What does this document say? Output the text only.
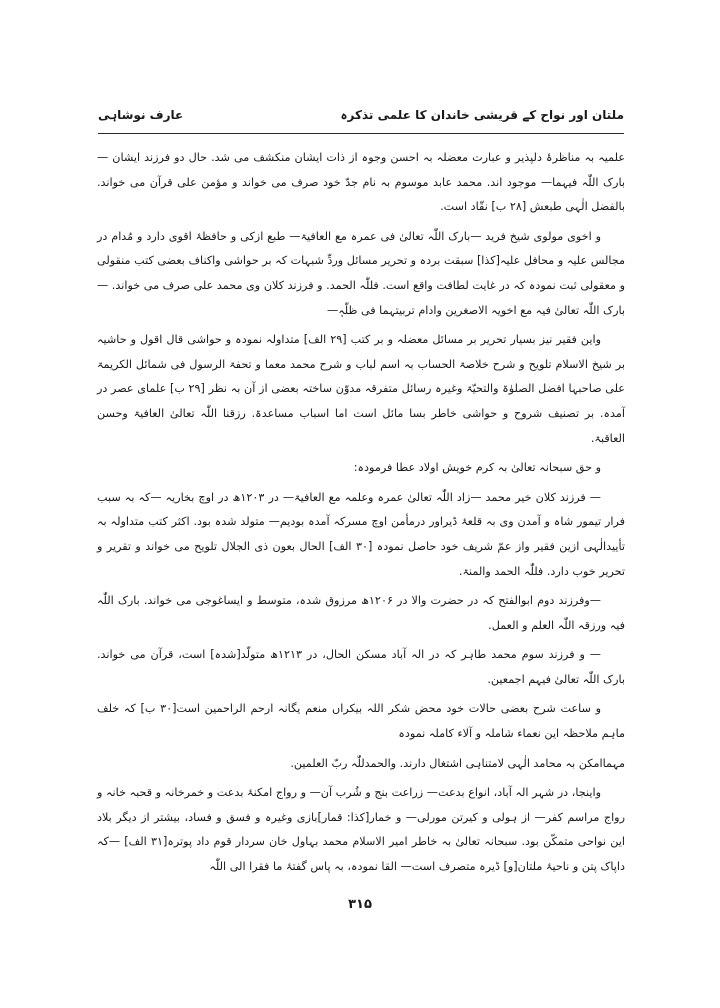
ملتان اور نواح کے قریشی خاندان کا علمی تذکرہ
عارف نوشاہی

علمیہ بہ مناظرۂ دلپذیر و عبارت معضلہ بہ احسن وجوہ از ذات ایشان منکشف می شد. حال دو فرزند ایشان —بارک اللّٰہ فیہما— موجود اند. محمد عابد موسوم بہ نام جدّ خود صرف می خواند و مؤمن علی قرآن می خواند. بالفضل الٰہی طبعش [۲۸ ب] نقّاد است.

و اخوی مولوی شیخ فرید —بارک اللّٰہ تعالیٰ فی عمرہ مع العافیۃ— طبع ازکی و حافظۂ اقوی دارد و مُدام در مجالس علیہ و محافل علیہ[کذا] سبقت بردہ و تحریر مسائل وردِّ شبہات کہ بر حواشی واکناف بعضی کتب منقولی و معقولی ثبت نمودہ کہ در غایت لطافت واقع است. فللّٰہ الحمد. و فرزند کلان وی محمد علی صرف می خواند. —بارک اللّٰہ تعالیٰ فیہ مع اخویہ الاصغرین وادام تربیتہما فی ظلّہٖ—

واین فقیر نیز بسیار تحریر بر مسائل معضلہ و بر کتب [۲۹ الف] متداولہ نمودہ و حواشی قال اقول و حاشیہ بر شیخ الاسلام تلویح و شرح خلاصۃ الحساب بہ اسم لباب و شرح محمد معما و تحفۃ الرسول فی شمائل الکریمۃ علی صاحبہا افضل الصلوٰۃ والتحیّۃ وغیرہ رسائل متفرقہ مدوّن ساختہ بعضی از آن بہ نظر [۲۹ ب] علمای عصر در آمدہ. بر تصنیف شروح و حواشی خاطر بسا مائل است اما اسباب مساعدۃ. رزقنا اللّٰہ تعالیٰ العافیۃ وحسن العاقبۃ.

و حق سبحانہ تعالیٰ بہ کرم خویش اولاد عطا فرمودہ:

— فرزند کلان خیر محمد —زاد اللّٰہ تعالیٰ عمرہ وعلمہ مع العافیۃ— در ۱۲۰۳ھ در اوچ بخاریہ —کہ بہ سبب فرار تیمور شاہ و آمدن وی بہ قلعۂ ڈیراور درمأمن اوچ مسرکہ آمدہ بودیم— متولد شدہ بود. اکثر کتب متداولہ بہ تأییدالٰہی ازین فقیر واز عمّ شریف خود حاصل نمودہ [۳۰ الف] الحال بعون ذی الجلال تلویح می خواند و تقریر و تحریر خوب دارد. فللّٰہ الحمد والمنۃ.

—وفرزند دوم ابوالفتح کہ در حضرت والا در ۱۲۰۶ھ مرزوق شدہ، متوسط و ایساغوجی می خواند. بارک اللّٰہ فیہ ورزقہ اللّٰہ العلم و العمل.

— و فرزند سوم محمد طاہر کہ در الہ آباد مسکن الحال، در ۱۲۱۳ھ متولّد[شدہ] است، قرآن می خواند. بارک اللّٰہ تعالیٰ فیہم اجمعین.

و ساعت شرح بعضی حالات خود محض شکر اللہ بیکراں منعم یگانہ ارحم الراحمین است[۳۰ ب] کہ خلف ماہم ملاحظہ این نعماء شاملہ و آلاء کاملہ نمودہ

مہماامکن بہ محامد الٰہی لامتناہی اشتغال دارند. والحمدللّٰہ ربّ العلمین.

واینجا، در شہر الہ آباد، انواع بدعت— زراعت بنج و شُرب آن— و رواج امکنۂ بدعت و خمرخانہ و قحبہ خانہ و رواج مراسم کفر— از ہولی و کیرتن مورلی— و خمار[کذا: قمار]بازی وغیرہ و فسق و فساد، بیشتر از دیگر بلاد این نواحی متمکّن بود. سبحانہ تعالیٰ بہ خاطر امیر الاسلام محمد بہاول خان سردار قوم داد پوترہ[۳۱ الف] —کہ داپاک پتن و ناحیۂ ملتان[و] ڈیرہ متصرف است— القا نمودہ، بہ پاس گفتۂ ما فقرا الی اللّٰہ

۳۱۵
